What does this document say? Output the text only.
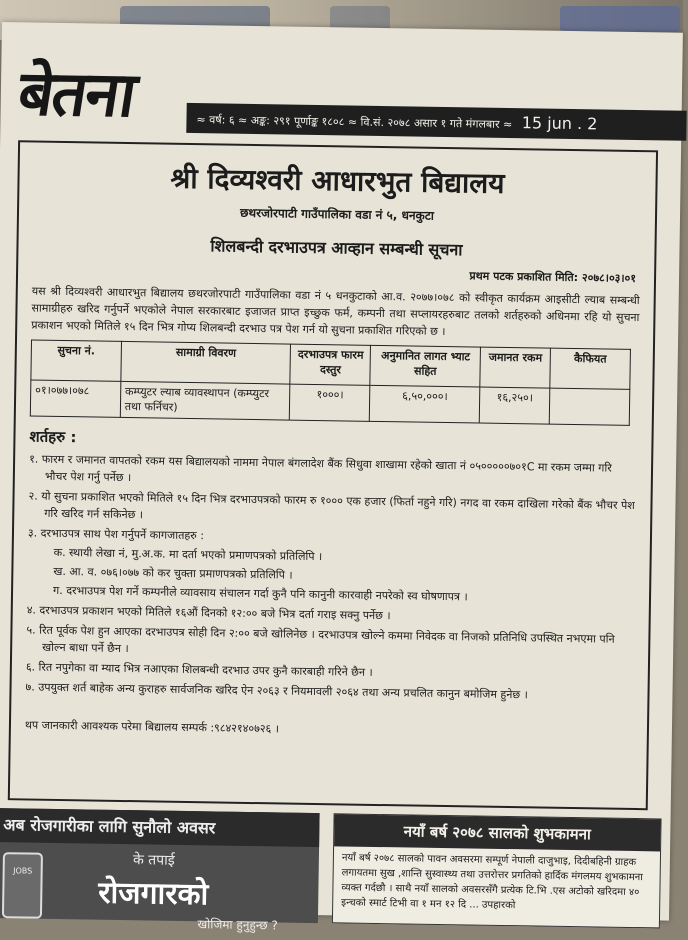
बेतना	≈ वर्ष: ६ ≈ अङ्क: २९१ पूर्णाङ्क १८०८ ≈ वि.सं. २०७८ असार १ गते मंगलबार ≈ 15 jun . 2
श्री दिव्यश्वरी आधारभुत बिद्यालय
छथरजोरपाटी गाउँपालिका वडा नं ५, धनकुटा
शिलबन्दी दरभाउपत्र आव्हान सम्बन्धी सूचना
प्रथम पटक प्रकाशित मिति: २०७८।०३।०१
यस श्री दिव्यश्वरी आधारभुत बिद्यालय छथरजोरपाटी गाउँपालिका वडा नं ५ धनकुटाको आ.व. २०७७।०७८ को स्वीकृत कार्यक्रम आइसीटी ल्याब सम्बन्धी सामाग्रीहरु खरिद गर्नुपर्ने भएकोले नेपाल सरकारबाट इजाजत प्राप्त इच्छुक फर्म, कम्पनी तथा सप्लायरहरुबाट तलको शर्तहरुको अधिनमा रहि यो सुचना प्रकाशन भएको मितिले १५ दिन भित्र गोप्य शिलबन्दी दरभाउ पत्र पेश गर्न यो सुचना प्रकाशित गरिएको छ ।
सुचना नं.	सामाग्री विवरण	दरभाउपत्र फारम दस्तुर	अनुमानित लागत भ्याट सहित	जमानत रकम	कैफियत
०१।०७७।०७८	कम्प्युटर ल्याब व्यावस्थापन (कम्प्युटर तथा फर्निचर)	१०००।	६,५०,०००।	१६,२५०।	
शर्तहरु :
१. फारम र जमानत वापतको रकम यस बिद्यालयको नाममा नेपाल बंगलादेश बैंक सिधुवा शाखामा रहेको खाता नं ०५०००००७०१C मा रकम जम्मा गरि भौचर पेश गर्नु पर्नेछ ।
२. यो सुचना प्रकाशित भएको मितिले १५ दिन भित्र दरभाउपत्रको फारम रु १००० एक हजार (फिर्ता नहुने गरि) नगद वा रकम दाखिला गरेको बैंक भौचर पेश गरि खरिद गर्न सकिनेछ ।
३. दरभाउपत्र साथ पेश गर्नुपर्ने कागजातहरु :
क. स्थायी लेखा नं, मु.अ.क. मा दर्ता भएको प्रमाणपत्रको प्रतिलिपि ।
ख. आ. व. ०७६।०७७ को कर चुक्ता प्रमाणपत्रको प्रतिलिपि ।
ग. दरभाउपत्र पेश गर्ने कम्पनीले व्यावसाय संचालन गर्दा कुनै पनि कानुनी कारवाही नपरेको स्व घोषणापत्र ।
४. दरभाउपत्र प्रकाशन भएको मितिले १६औं दिनको १२:०० बजे भित्र दर्ता गराइ सक्नु पर्नेछ ।
५. रित पूर्वक पेश हुन आएका दरभाउपत्र सोही दिन २:०० बजे खोलिनेछ । दरभाउपत्र खोल्ने कममा निवेदक वा निजको प्रतिनिधि उपस्थित नभएमा पनि खोल्न बाधा पर्ने छैन ।
६. रित नपुगेका वा म्याद भित्र नआएका शिलबन्धी दरभाउ उपर कुनै कारबाही गरिने छैन ।
७. उपयुक्त शर्त बाहेक अन्य कुराहरु सार्वजनिक खरिद ऐन २०६३ र नियमावली २०६४ तथा अन्य प्रचलित कानुन बमोजिम हुनेछ ।
थप जानकारी आवश्यक परेमा बिद्यालय सम्पर्क :९८४२१४०७२६ ।
अब रोजगारीका लागि सुनौलो अवसर
JOBS
के तपाई
रोजगारको
खोजिमा हुनुहुन्छ ?
नयाँ बर्ष २०७८ सालको शुभकामना
नयाँ बर्ष २०७८ सालको पावन अवसरमा सम्पूर्ण नेपाली दाजुभाइ, दिदीबहिनी ग्राहक लगायतमा सुख ,शान्ति सुस्वास्थ्य तथा उत्तरोत्तर प्रगतिको हार्दिक मंगलमय शुभकामना व्यक्त गर्दछौ । साथै नयाँ सालको अवसरसँगै प्रत्येक टि.भि .एस अटोको खरिदमा ४० इन्चको स्मार्ट टिभी वा १ मन १२ दि ... उपहारको
